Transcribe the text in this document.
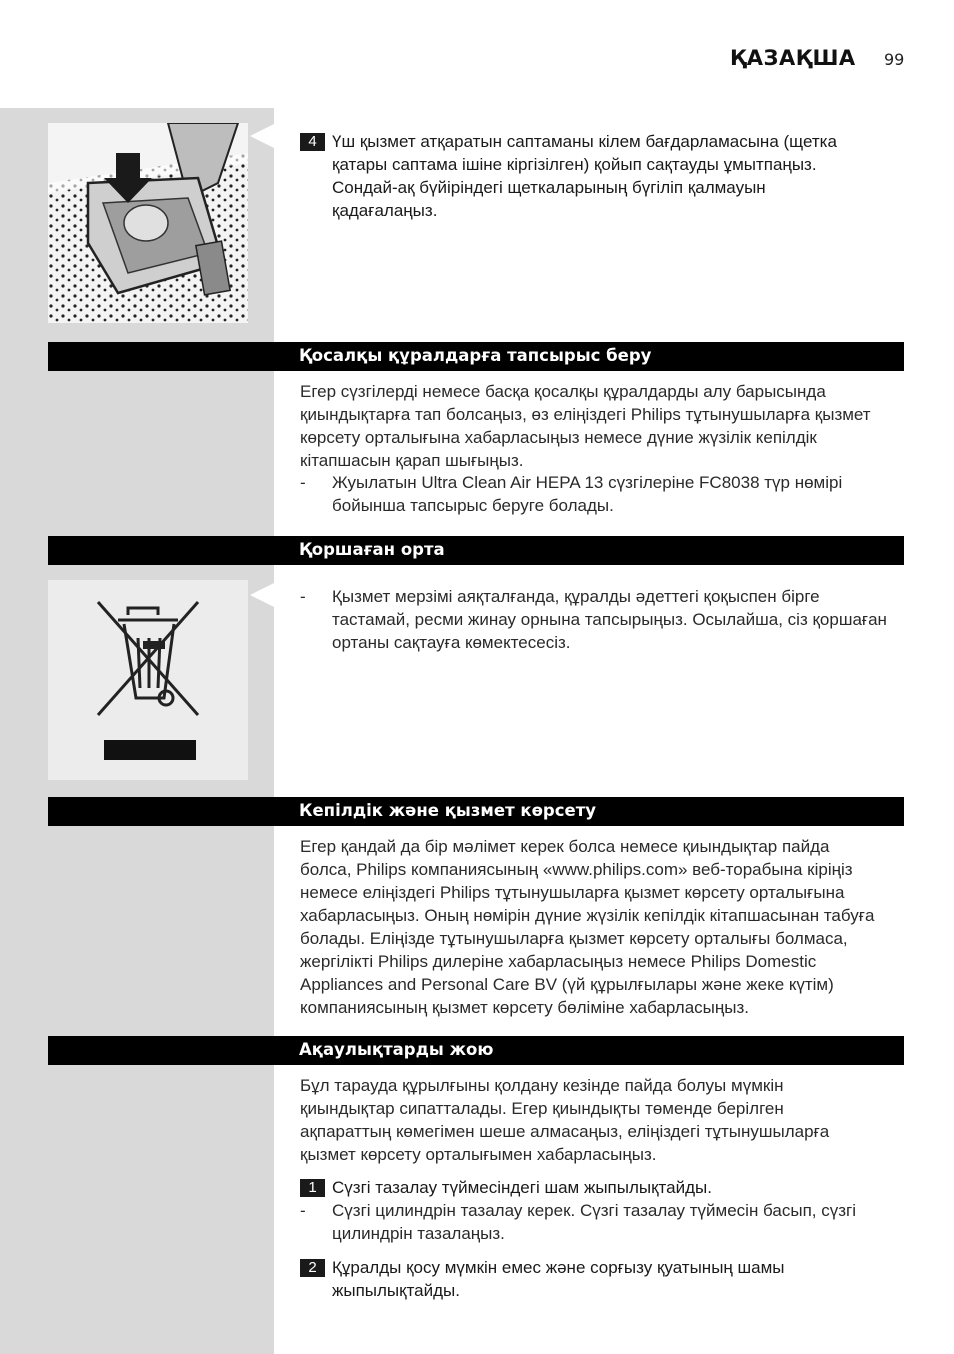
ҚАЗАҚША 99
4 Үш қызмет атқаратын саптаманы кілем бағдарламасына (щетка
қатары саптама ішіне кіргізілген) қойып сақтауды ұмытпаңыз.
Сондай-ақ бүйіріндегі щеткаларының бүгіліп қалмауын
қадағалаңыз.
Қосалқы құралдарға тапсырыс беру
Егер сүзгілерді немесе басқа қосалқы құралдарды алу барысында
қиындықтарға тап болсаңыз, өз еліңіздегі Philips тұтынушыларға қызмет
көрсету орталығына хабарласыңыз немесе дүние жүзілік кепілдік
кітапшасын қарап шығыңыз.
- Жуылатын Ultra Clean Air HEPA 13 сүзгілеріне FC8038 түр нөмірі
бойынша тапсырыс беруге болады.
Қоршаған орта
- Қызмет мерзімі аяқталғанда, құралды әдеттегі қоқыспен бірге
тастамай, ресми жинау орнына тапсырыңыз. Осылайша, сіз қоршаған
ортаны сақтауға көмектесесіз.
Кепілдік және қызмет көрсету
Егер қандай да бір мәлімет керек болса немесе қиындықтар пайда
болса, Philips компаниясының «www.philips.com» веб-торабына кіріңіз
немесе еліңіздегі Philips тұтынушыларға қызмет көрсету орталығына
хабарласыңыз. Оның нөмірін дүние жүзілік кепілдік кітапшасынан табуға
болады. Еліңізде тұтынушыларға қызмет көрсету орталығы болмаса,
жергілікті Philips дилеріне хабарласыңыз немесе Philips Domestic
Appliances and Personal Care BV (үй құрылғылары және жеке күтім)
компаниясының қызмет көрсету бөліміне хабарласыңыз.
Ақаулықтарды жою
Бұл тарауда құрылғыны қолдану кезінде пайда болуы мүмкін
қиындықтар сипатталады. Егер қиындықты төменде берілген
ақпараттың көмегімен шеше алмасаңыз, еліңіздегі тұтынушыларға
қызмет көрсету орталығымен хабарласыңыз.
1 Сүзгі тазалау түймесіндегі шам жыпылықтайды.
- Сүзгі цилиндрін тазалау керек. Сүзгі тазалау түймесін басып, сүзгі
цилиндрін тазалаңыз.
2 Құралды қосу мүмкін емес және сорғызу қуатының шамы
жыпылықтайды.
